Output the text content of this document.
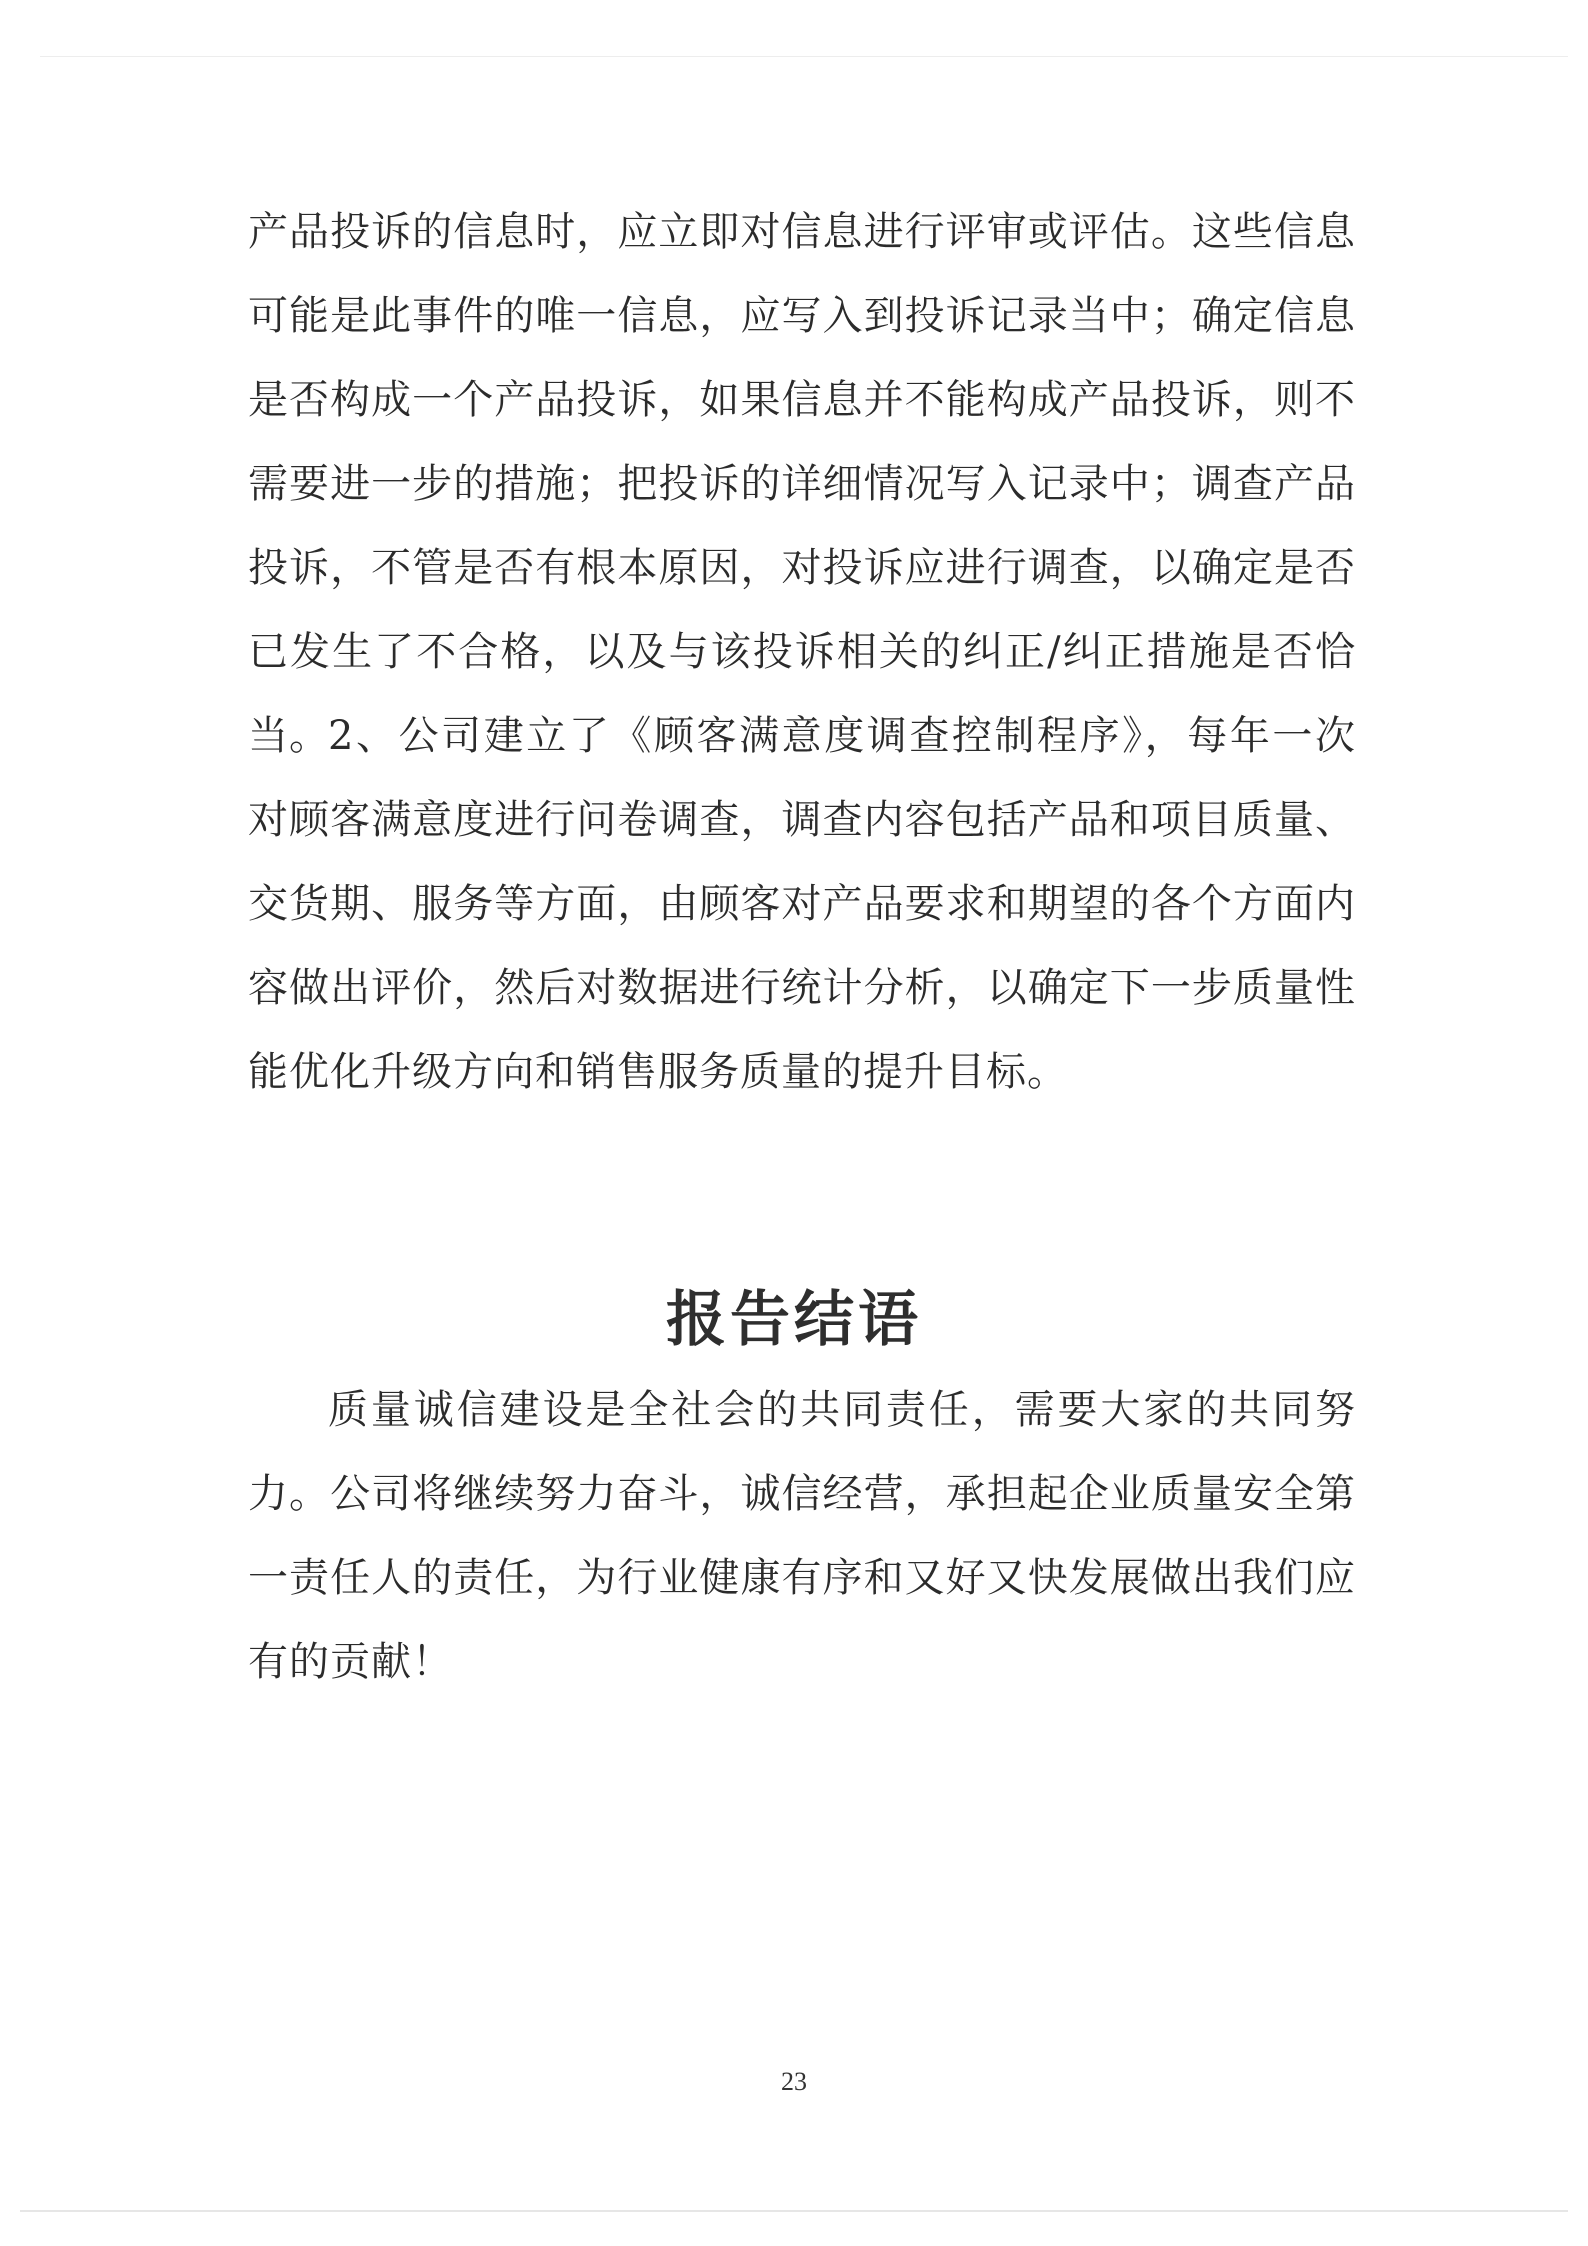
产品投诉的信息时，应立即对信息进行评审或评估。这些信息可能是此事件的唯一信息，应写入到投诉记录当中；确定信息是否构成一个产品投诉，如果信息并不能构成产品投诉，则不需要进一步的措施；把投诉的详细情况写入记录中；调查产品投诉，不管是否有根本原因，对投诉应进行调查，以确定是否已发生了不合格，以及与该投诉相关的纠正/纠正措施是否恰当。

2、公司建立了《顾客满意度调查控制程序》，每年一次对顾客满意度进行问卷调查，调查内容包括产品和项目质量、交货期、服务等方面，由顾客对产品要求和期望的各个方面内容做出评价，然后对数据进行统计分析，以确定下一步质量性能优化升级方向和销售服务质量的提升目标。

报告结语

质量诚信建设是全社会的共同责任，需要大家的共同努力。公司将继续努力奋斗，诚信经营，承担起企业质量安全第一责任人的责任，为行业健康有序和又好又快发展做出我们应有的贡献！

23
